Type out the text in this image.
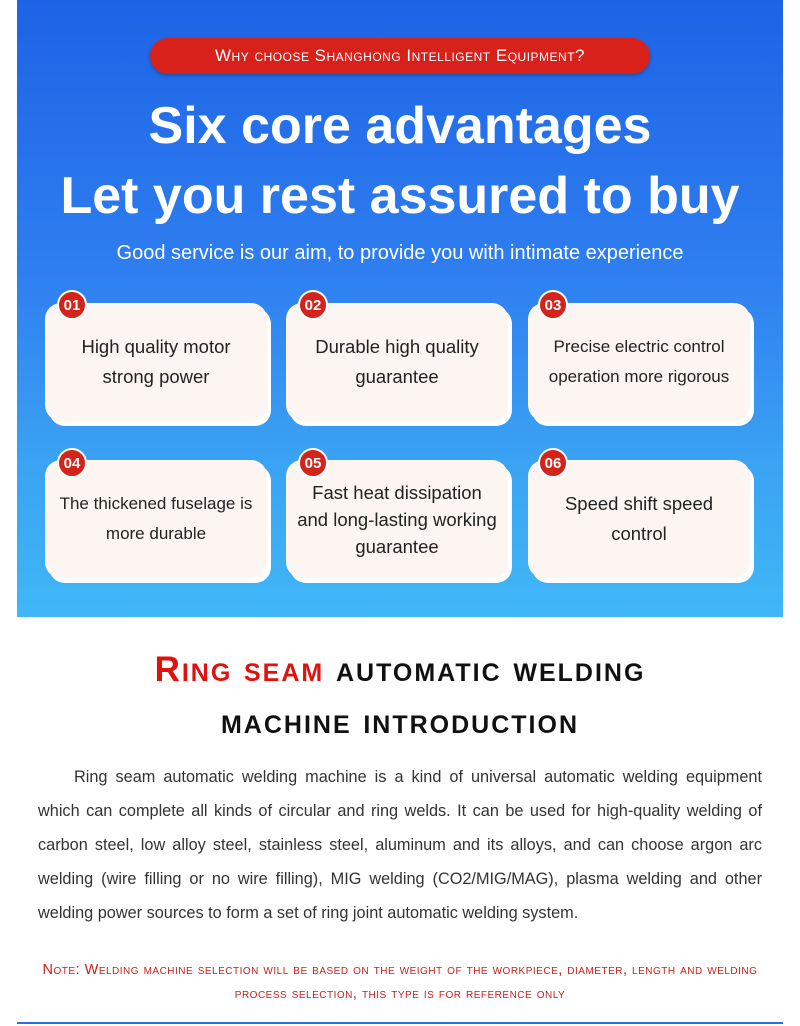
Why choose Shanghong Intelligent Equipment?
Six core advantages
Let you rest assured to buy
Good service is our aim, to provide you with intimate experience
High quality motor strong power
01
Durable high quality guarantee
02
Precise electric control operation more rigorous
03
The thickened fuselage is more durable
04
Fast heat dissipation and long-lasting working guarantee
05
Speed shift speed control
06
Ring seam automatic welding
machine introduction

Ring seam automatic welding machine is a kind of universal automatic welding equipment which can complete all kinds of circular and ring welds. It can be used for high-quality welding of carbon steel, low alloy steel, stainless steel, aluminum and its alloys, and can choose argon arc welding (wire filling or no wire filling), MIG welding (CO2/MIG/MAG), plasma welding and other welding power sources to form a set of ring joint automatic welding system.

Note: Welding machine selection will be based on the weight of the workpiece, diameter, length and welding process selection, this type is for reference only
